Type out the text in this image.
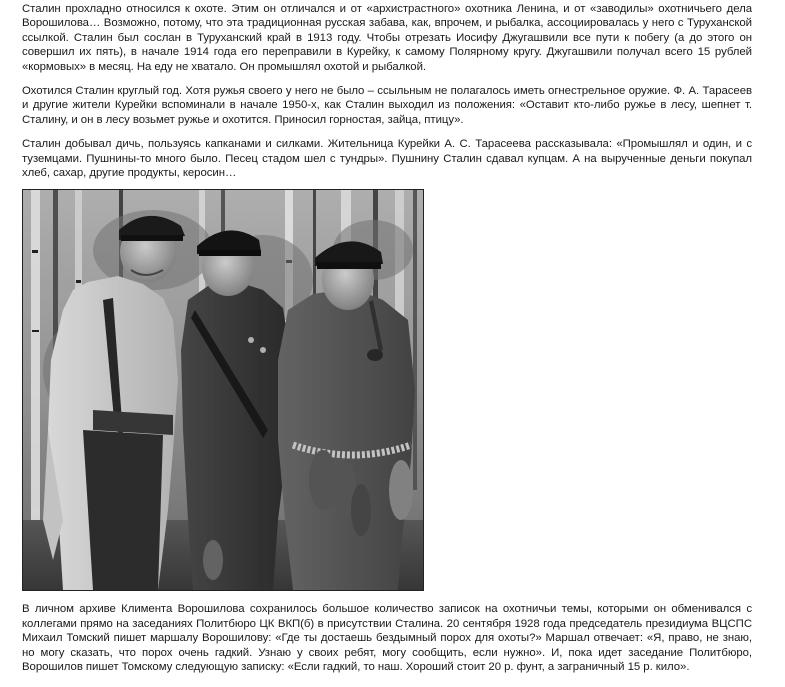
Сталин прохладно относился к охоте. Этим он отличался и от «архистрастного» охотника Ленина, и от «заводилы» охотничьего дела Ворошилова… Возможно, потому, что эта традиционная русская забава, как, впрочем, и рыбалка, ассоциировалась у него с Туруханской ссылкой. Сталин был сослан в Туруханский край в 1913 году. Чтобы отрезать Иосифу Джугашвили все пути к побегу (а до этого он совершил их пять), в начале 1914 года его переправили в Курейку, к самому Полярному кругу. Джугашвили получал всего 15 рублей «кормовых» в месяц. На еду не хватало. Он промышлял охотой и рыбалкой.

Охотился Сталин круглый год. Хотя ружья своего у него не было – ссыльным не полагалось иметь огнестрельное оружие. Ф. А. Тарасеев и другие жители Курейки вспоминали в начале 1950-х, как Сталин выходил из положения: «Оставит кто-либо ружье в лесу, шепнет т. Сталину, и он в лесу возьмет ружье и охотится. Приносил горностая, зайца, птицу».

Сталин добывал дичь, пользуясь капканами и силками. Жительница Курейки А. С. Тарасеева рассказывала: «Промышлял и один, и с туземцами. Пушнины-то много было. Песец стадом шел с тундры». Пушнину Сталин сдавал купцам. А на вырученные деньги покупал хлеб, сахар, другие продукты, керосин…

В личном архиве Климента Ворошилова сохранилось большое количество записок на охотничьи темы, которыми он обменивался с коллегами прямо на заседаниях Политбюро ЦК ВКП(б) в присутствии Сталина. 20 сентября 1928 года председатель президиума ВЦСПС Михаил Томский пишет маршалу Ворошилову: «Где ты достаешь бездымный порох для охоты?» Маршал отвечает: «Я, право, не знаю, но могу сказать, что порох очень гадкий. Узнаю у своих ребят, могу сообщить, если нужно». И, пока идет заседание Политбюро, Ворошилов пишет Томскому следующую записку: «Если гадкий, то наш. Хороший стоит 20 р. фунт, а заграничный 15 р. кило».
